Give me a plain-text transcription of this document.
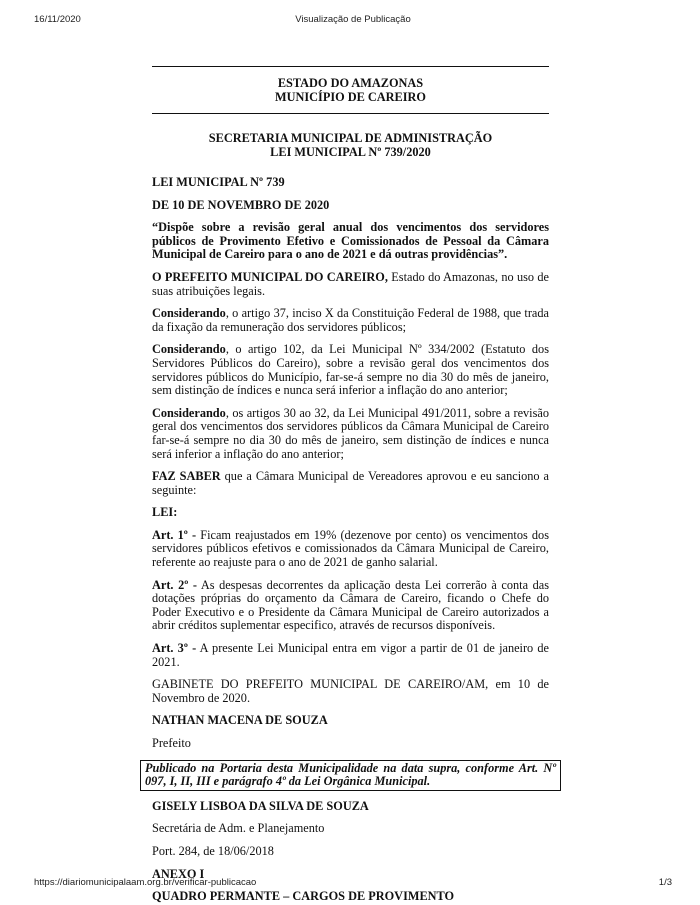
16/11/2020	Visualização de Publicação
ESTADO DO AMAZONAS
MUNICÍPIO DE CAREIRO
SECRETARIA MUNICIPAL DE ADMINISTRAÇÃO
LEI MUNICIPAL Nº 739/2020

LEI MUNICIPAL Nº 739

DE 10 DE NOVEMBRO DE 2020

“Dispõe sobre a revisão geral anual dos vencimentos dos servidores públicos de Provimento Efetivo e Comissionados de Pessoal da Câmara Municipal de Careiro para o ano de 2021 e dá outras providências”.

O PREFEITO MUNICIPAL DO CAREIRO, Estado do Amazonas, no uso de suas atribuições legais.

Considerando, o artigo 37, inciso X da Constituição Federal de 1988, que trada da fixação da remuneração dos servidores públicos;

Considerando, o artigo 102, da Lei Municipal Nº 334/2002 (Estatuto dos Servidores Públicos do Careiro), sobre a revisão geral dos vencimentos dos servidores públicos do Município, far-se-á sempre no dia 30 do mês de janeiro, sem distinção de índices e nunca será inferior a inflação do ano anterior;

Considerando, os artigos 30 ao 32, da Lei Municipal 491/2011, sobre a revisão geral dos vencimentos dos servidores públicos da Câmara Municipal de Careiro far-se-á sempre no dia 30 do mês de janeiro, sem distinção de índices e nunca será inferior a inflação do ano anterior;

FAZ SABER que a Câmara Municipal de Vereadores aprovou e eu sanciono a seguinte:

LEI:

Art. 1º - Ficam reajustados em 19% (dezenove por cento) os vencimentos dos servidores públicos efetivos e comissionados da Câmara Municipal de Careiro, referente ao reajuste para o ano de 2021 de ganho salarial.

Art. 2º - As despesas decorrentes da aplicação desta Lei correrão à conta das dotações próprias do orçamento da Câmara de Careiro, ficando o Chefe do Poder Executivo e o Presidente da Câmara Municipal de Careiro autorizados a abrir créditos suplementar especifico, através de recursos disponíveis.

Art. 3º - A presente Lei Municipal entra em vigor a partir de 01 de janeiro de 2021.

GABINETE DO PREFEITO MUNICIPAL DE CAREIRO/AM, em 10 de Novembro de 2020.

NATHAN MACENA DE SOUZA

Prefeito

Publicado na Portaria desta Municipalidade na data supra, conforme Art. Nº 097, I, II, III e parágrafo 4º da Lei Orgânica Municipal.

GISELY LISBOA DA SILVA DE SOUZA

Secretária de Adm. e Planejamento

Port. 284, de 18/06/2018

ANEXO I

QUADRO PERMANTE – CARGOS DE PROVIMENTO

https://diariomunicipalaam.org.br/verificar-publicacao	1/3
